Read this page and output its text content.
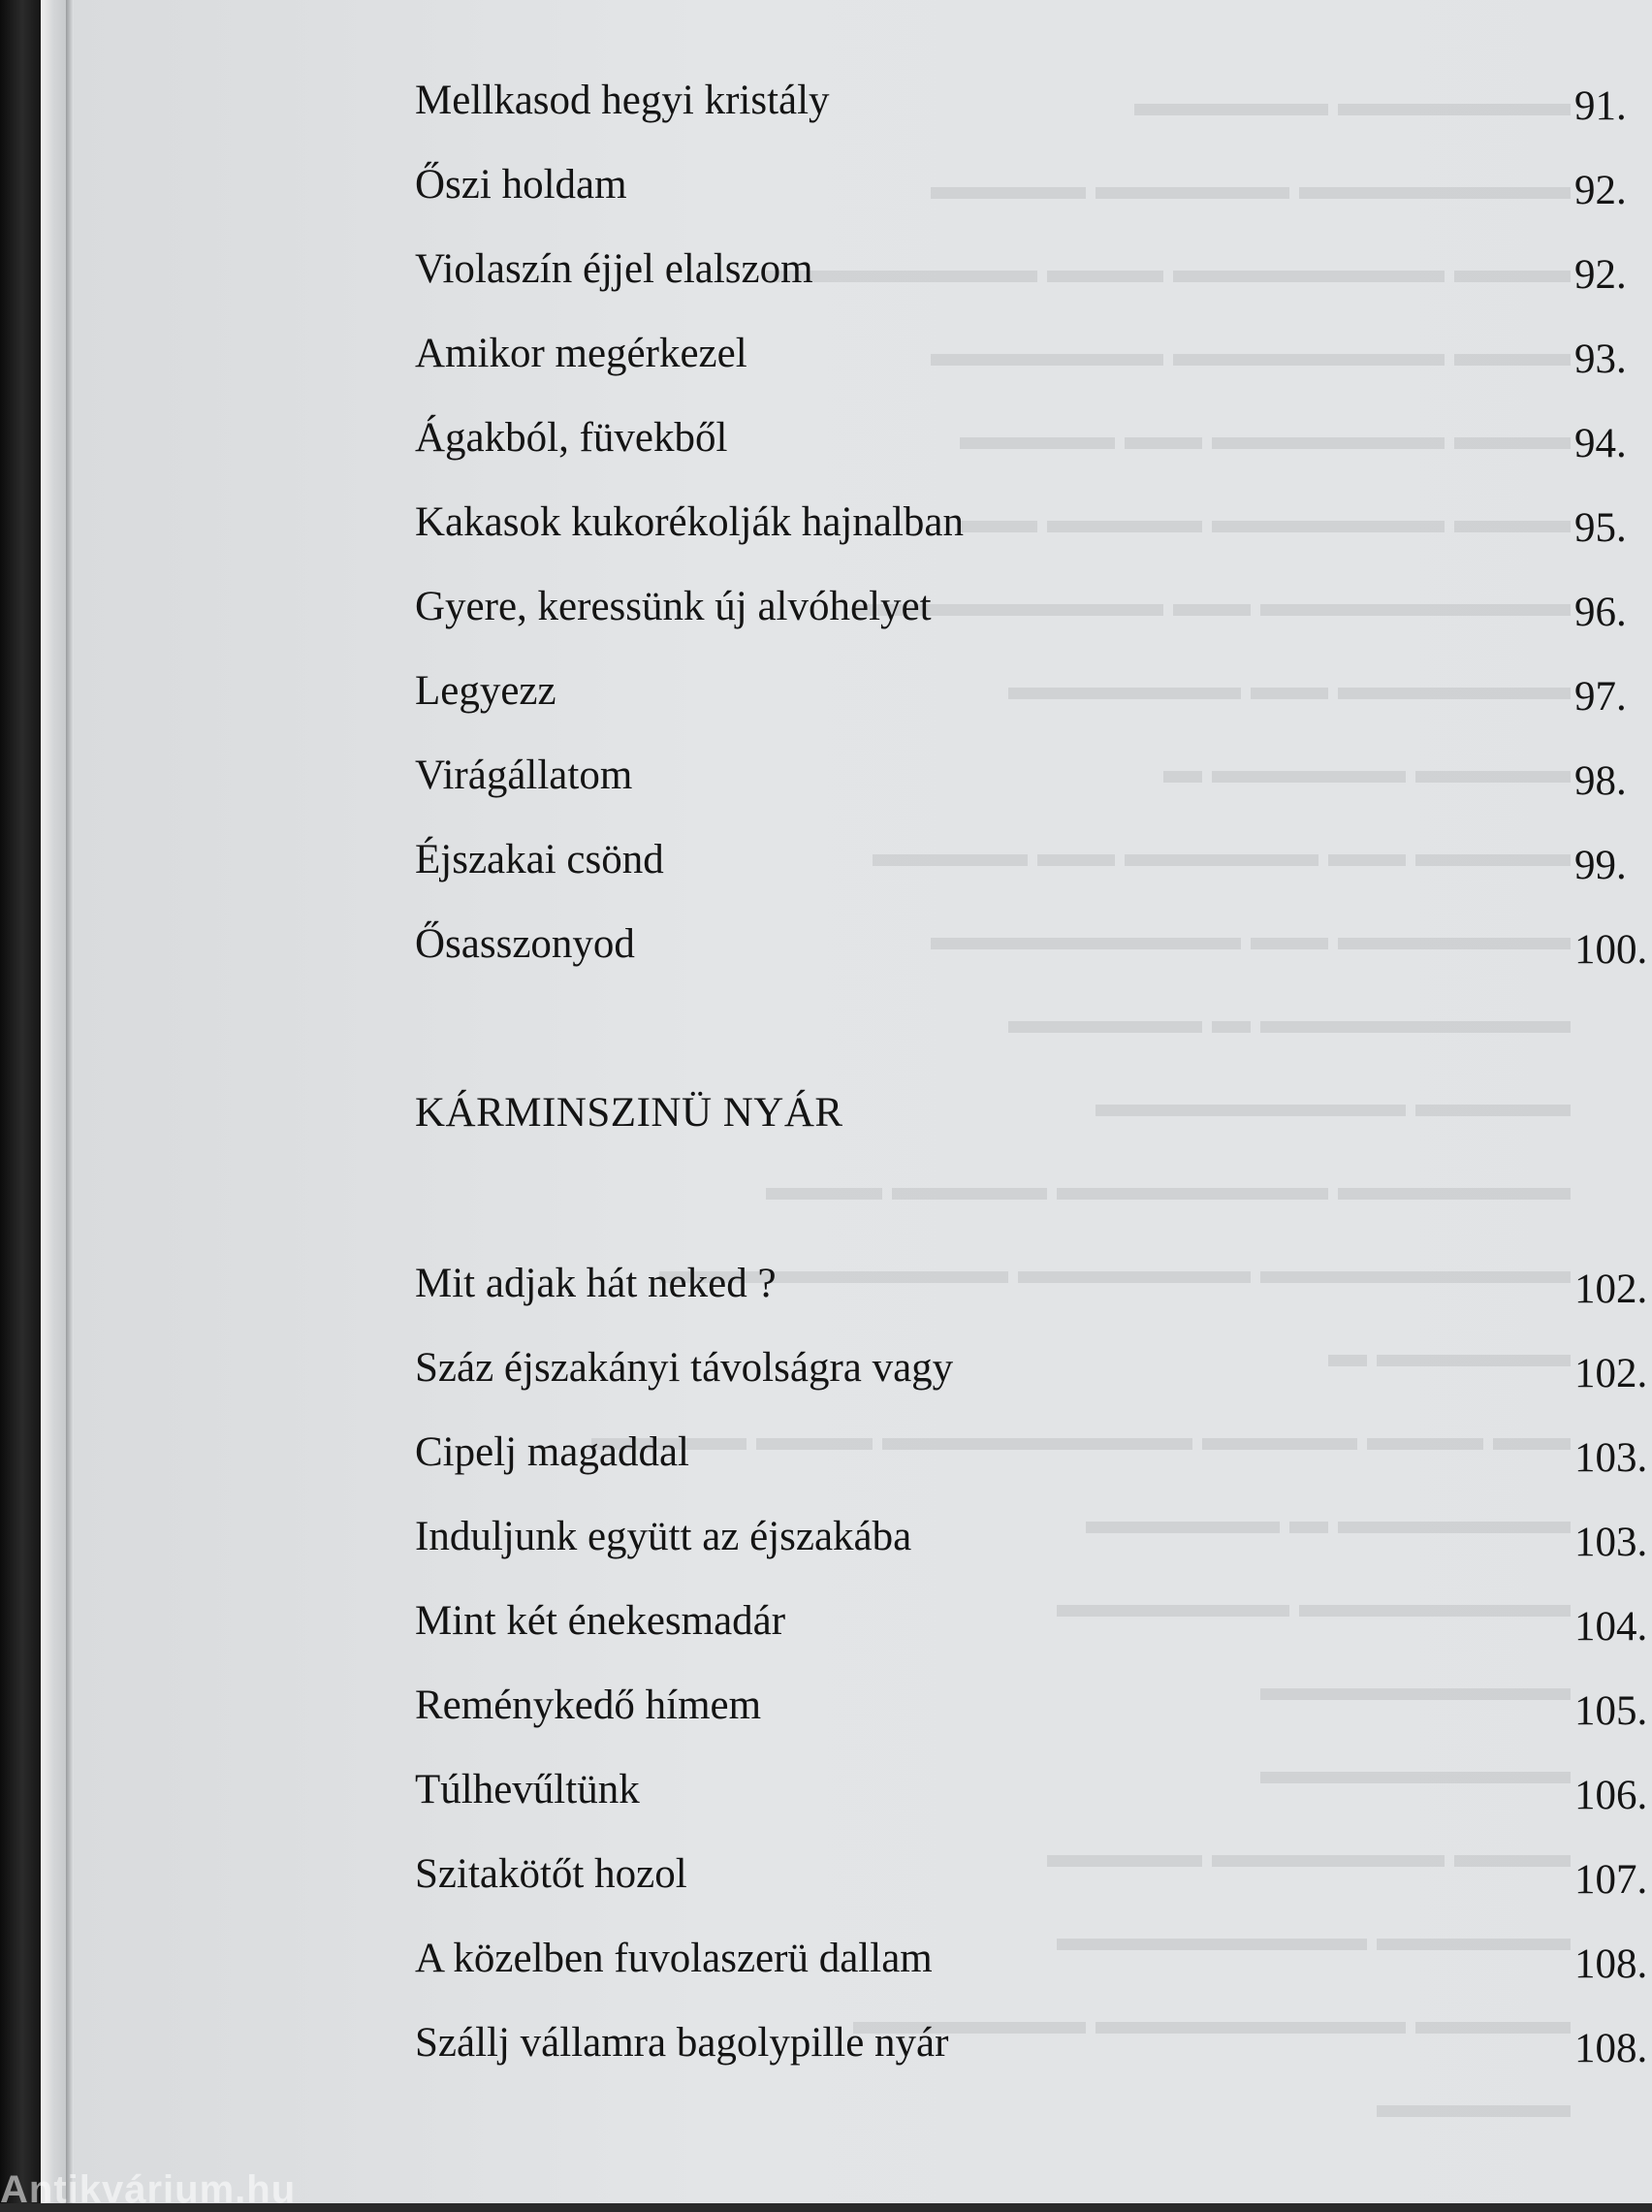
▬▬▬▬▬▬ ▬▬▬▬▬
▬▬▬▬▬▬▬ ▬▬▬▬▬ ▬▬▬▬
▬▬▬ ▬▬▬▬▬▬▬ ▬▬▬ ▬▬▬▬▬▬▬
▬▬▬ ▬▬▬▬▬▬▬ ▬▬▬▬▬▬
▬▬▬ ▬▬▬▬▬▬ ▬▬ ▬▬▬▬
▬▬▬ ▬▬▬▬▬▬ ▬▬▬▬ ▬▬
▬▬▬▬▬▬▬▬ ▬▬ ▬▬▬▬▬▬▬▬
▬▬▬▬▬▬ ▬▬ ▬▬▬▬▬▬
▬▬▬▬ ▬▬▬▬▬ ▬
▬▬▬▬ ▬▬ ▬▬▬▬▬ ▬▬ ▬▬▬▬
▬▬▬▬▬▬ ▬▬ ▬▬▬▬▬▬▬▬
▬▬▬▬▬▬▬▬ ▬ ▬▬▬▬▬
▬▬▬▬ ▬▬▬▬▬▬▬▬
▬▬▬▬▬▬ ▬▬▬▬▬▬▬ ▬▬▬▬ ▬▬▬
▬▬▬▬▬▬▬▬ ▬▬▬▬▬▬ ▬▬▬▬▬▬▬▬▬
▬▬▬▬▬ ▬
▬▬ ▬▬▬ ▬▬▬▬ ▬▬▬▬▬▬▬▬ ▬▬▬ ▬▬▬▬
▬▬▬▬▬▬ ▬ ▬▬▬▬▬
▬▬▬▬▬▬▬ ▬▬▬▬▬▬
▬▬▬▬▬▬▬▬
▬▬▬▬▬▬▬▬
▬▬▬ ▬▬▬▬▬▬ ▬▬▬▬
▬▬▬▬▬ ▬▬▬▬▬▬▬▬
▬▬▬▬ ▬▬▬▬▬▬▬▬ ▬▬▬▬▬▬
▬▬▬▬▬
Mellkasod hegyi kristály	91.
Őszi holdam	92.
Violaszín éjjel elalszom	92.
Amikor megérkezel	93.
Ágakból, füvekből	94.
Kakasok kukorékolják hajnalban	95.
Gyere, keressünk új alvóhelyet	96.
Legyezz	97.
Virágállatom	98.
Éjszakai csönd	99.
Ősasszonyod	100.
KÁRMINSZINÜ NYÁR
Mit adjak hát neked ?	102.
Száz éjszakányi távolságra vagy	102.
Cipelj magaddal	103.
Induljunk együtt az éjszakába	103.
Mint két énekesmadár	104.
Reménykedő hímem	105.
Túlhevűltünk	106.
Szitakötőt hozol	107.
A közelben fuvolaszerü dallam	108.
Szállj vállamra bagolypille nyár	108.
Antikvárium.hu
